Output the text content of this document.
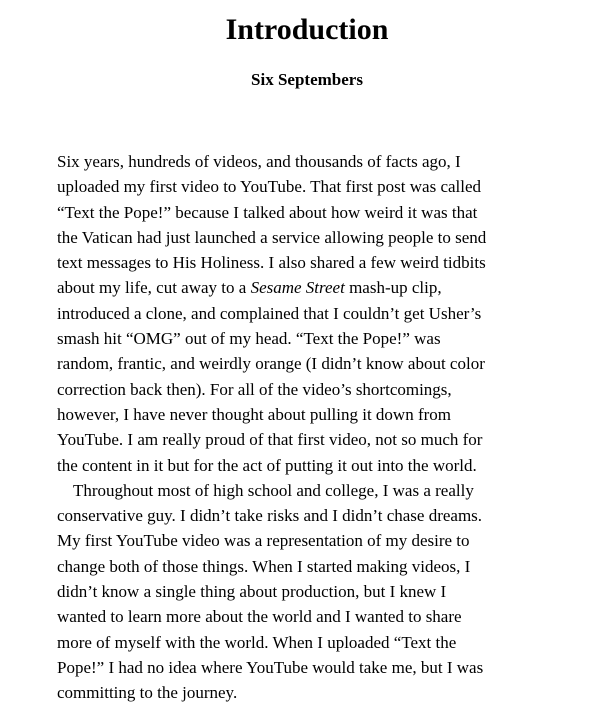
Introduction
Six Septembers

Six years, hundreds of videos, and thousands of facts ago, I
uploaded my first video to YouTube. That first post was called
“Text the Pope!” because I talked about how weird it was that
the Vatican had just launched a service allowing people to send
text messages to His Holiness. I also shared a few weird tidbits
about my life, cut away to a Sesame Street mash-up clip,
introduced a clone, and complained that I couldn’t get Usher’s
smash hit “OMG” out of my head. “Text the Pope!” was
random, frantic, and weirdly orange (I didn’t know about color
correction back then). For all of the video’s shortcomings,
however, I have never thought about pulling it down from
YouTube. I am really proud of that first video, not so much for
the content in it but for the act of putting it out into the world.

Throughout most of high school and college, I was a really
conservative guy. I didn’t take risks and I didn’t chase dreams.
My first YouTube video was a representation of my desire to
change both of those things. When I started making videos, I
didn’t know a single thing about production, but I knew I
wanted to learn more about the world and I wanted to share
more of myself with the world. When I uploaded “Text the
Pope!” I had no idea where YouTube would take me, but I was
committing to the journey.
